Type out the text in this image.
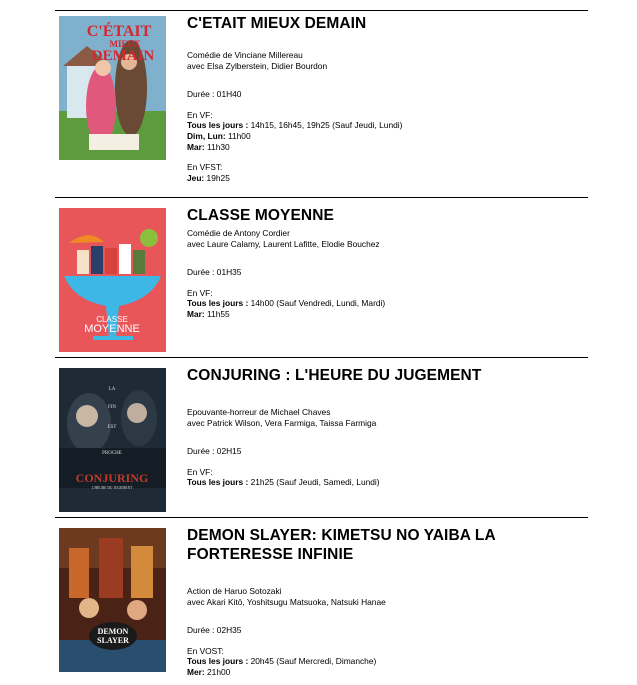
C'ÉTAIT
MIEUX
DEMAIN
C'ETAIT MIEUX DEMAIN

Comédie de Vinciane Millereau

avec Elsa Zylberstein, Didier Bourdon

Durée : 01H40

En VF:

Tous les jours : 14h15, 16h45, 19h25 (Sauf Jeudi, Lundi)

Dim, Lun: 11h00

Mar: 11h30

En VFST:

Jeu: 19h25

CLASSE
MOYENNE
CLASSE MOYENNE

Comédie de Antony Cordier

avec Laure Calamy, Laurent Lafitte, Elodie Bouchez

Durée : 01H35

En VF:

Tous les jours : 14h00 (Sauf Vendredi, Lundi, Mardi)

Mar: 11h55

LA
FIN
EST
PROCHE
CONJURING
L'HEURE DU JUGEMENT
CONJURING : L'HEURE DU JUGEMENT

Epouvante-horreur de Michael Chaves

avec Patrick Wilson, Vera Farmiga, Taissa Farmiga

Durée : 02H15

En VF:

Tous les jours : 21h25 (Sauf Jeudi, Samedi, Lundi)

DEMON
SLAYER
DEMON SLAYER: KIMETSU NO YAIBA LA FORTERESSE INFINIE

Action de Haruo Sotozaki

avec Akari Kitō, Yoshitsugu Matsuoka, Natsuki Hanae

Durée : 02H35

En VOST:

Tous les jours : 20h45 (Sauf Mercredi, Dimanche)

Mer: 21h00
